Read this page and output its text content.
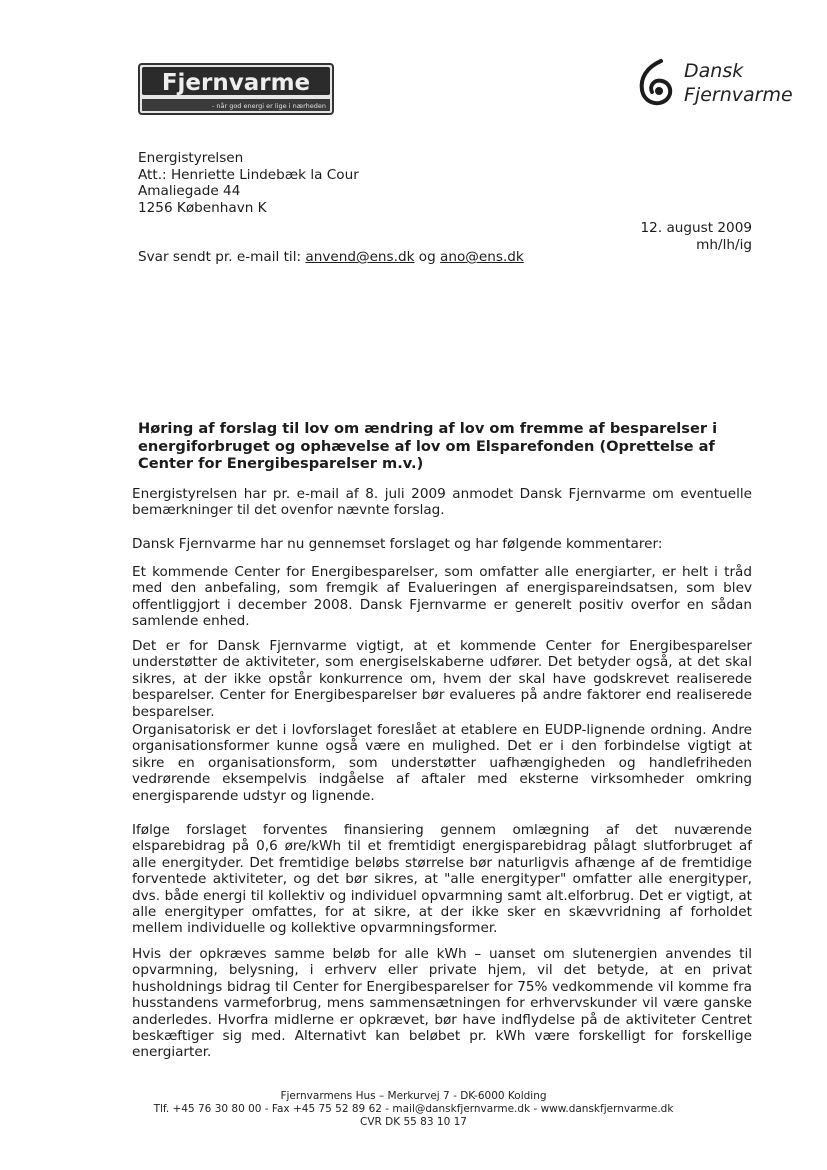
Fjernvarme
- når god energi er lige i nærheden
Dansk
Fjernvarme
Energistyrelsen
Att.: Henriette Lindebæk la Cour
Amaliegade 44
1256 København K
12. august 2009
mh/lh/ig
Svar sendt pr. e-mail til: anvend@ens.dk og ano@ens.dk
Høring af forslag til lov om ændring af lov om fremme af besparelser i energiforbruget og ophævelse af lov om Elsparefonden (Oprettelse af Center for Energibesparelser m.v.)

Energistyrelsen har pr. e-mail af 8. juli 2009 anmodet Dansk Fjernvarme om eventuelle bemærkninger til det ovenfor nævnte forslag.

Dansk Fjernvarme har nu gennemset forslaget og har følgende kommentarer:

Et kommende Center for Energibesparelser, som omfatter alle energiarter, er helt i tråd med den anbefaling, som fremgik af Evalueringen af energispareindsatsen, som blev offentliggjort i december 2008. Dansk Fjernvarme er generelt positiv overfor en sådan samlende enhed.

Det er for Dansk Fjernvarme vigtigt, at et kommende Center for Energibesparelser understøtter de aktiviteter, som energiselskaberne udfører. Det betyder også, at det skal sikres, at der ikke opstår konkurrence om, hvem der skal have godskrevet realiserede besparelser. Center for Energibesparelser bør evalueres på andre faktorer end realiserede besparelser.

Organisatorisk er det i lovforslaget foreslået at etablere en EUDP-lignende ordning. Andre organisationsformer kunne også være en mulighed. Det er i den forbindelse vigtigt at sikre en organisationsform, som understøtter uafhængigheden og handlefriheden vedrørende eksempelvis indgåelse af aftaler med eksterne virksomheder omkring energisparende udstyr og lignende.

Ifølge forslaget forventes finansiering gennem omlægning af det nuværende elsparebidrag på 0,6 øre/kWh til et fremtidigt energisparebidrag pålagt slutforbruget af alle energityder. Det fremtidige beløbs størrelse bør naturligvis afhænge af de fremtidige forventede aktiviteter, og det bør sikres, at "alle energityper" omfatter alle energityper, dvs. både energi til kollektiv og individuel opvarmning samt alt.elforbrug. Det er vigtigt, at alle energityper omfattes, for at sikre, at der ikke sker en skævvridning af forholdet mellem individuelle og kollektive opvarmningsformer.

Hvis der opkræves samme beløb for alle kWh – uanset om slutenergien anvendes til opvarmning, belysning, i erhverv eller private hjem, vil det betyde, at en privat husholdnings bidrag til Center for Energibesparelser for 75% vedkommende vil komme fra husstandens varmeforbrug, mens sammensætningen for erhvervskunder vil være ganske anderledes. Hvorfra midlerne er opkrævet, bør have indflydelse på de aktiviteter Centret beskæftiger sig med. Alternativt kan beløbet pr. kWh være forskelligt for forskellige energiarter.

Fjernvarmens Hus – Merkurvej 7 - DK-6000 Kolding
Tlf. +45 76 30 80 00 - Fax +45 75 52 89 62 - mail@danskfjernvarme.dk - www.danskfjernvarme.dk
CVR DK 55 83 10 17
